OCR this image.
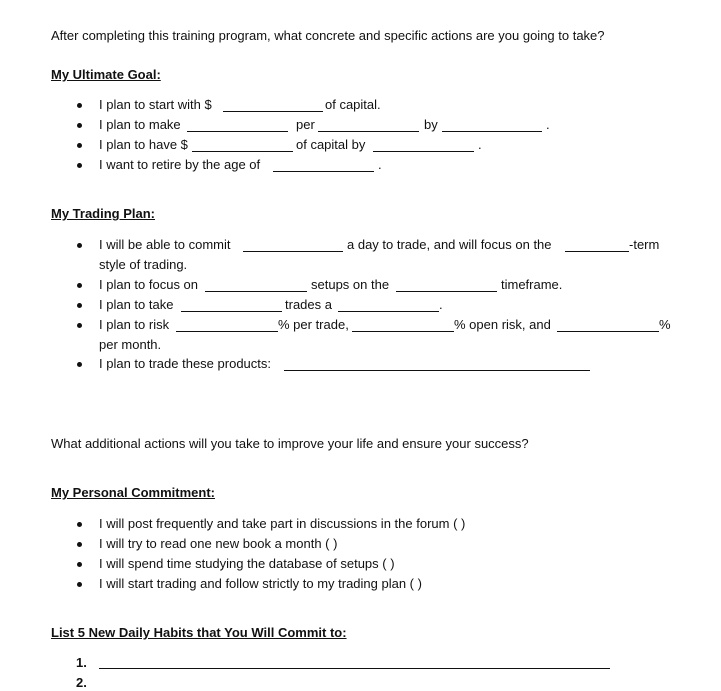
After completing this training program, what concrete and specific actions are you going to take?
My Ultimate Goal:
I plan to start with $	of capital.
I plan to make	per	by	.
I plan to have $	of capital by	.
I want to retire by the age of	.
My Trading Plan:
I will be able to commit	a day to trade, and will focus on the	-term
style of trading.
I plan to focus on	setups on the	timeframe.
I plan to take	trades a	.
I plan to risk	% per trade,	% open risk, and	%
per month.
I plan to trade these products:
What additional actions will you take to improve your life and ensure your success?
My Personal Commitment:
I will post frequently and take part in discussions in the forum ( )
I will try to read one new book a month ( )
I will spend time studying the database of setups ( )
I will start trading and follow strictly to my trading plan ( )
List 5 New Daily Habits that You Will Commit to:
1.
2.
